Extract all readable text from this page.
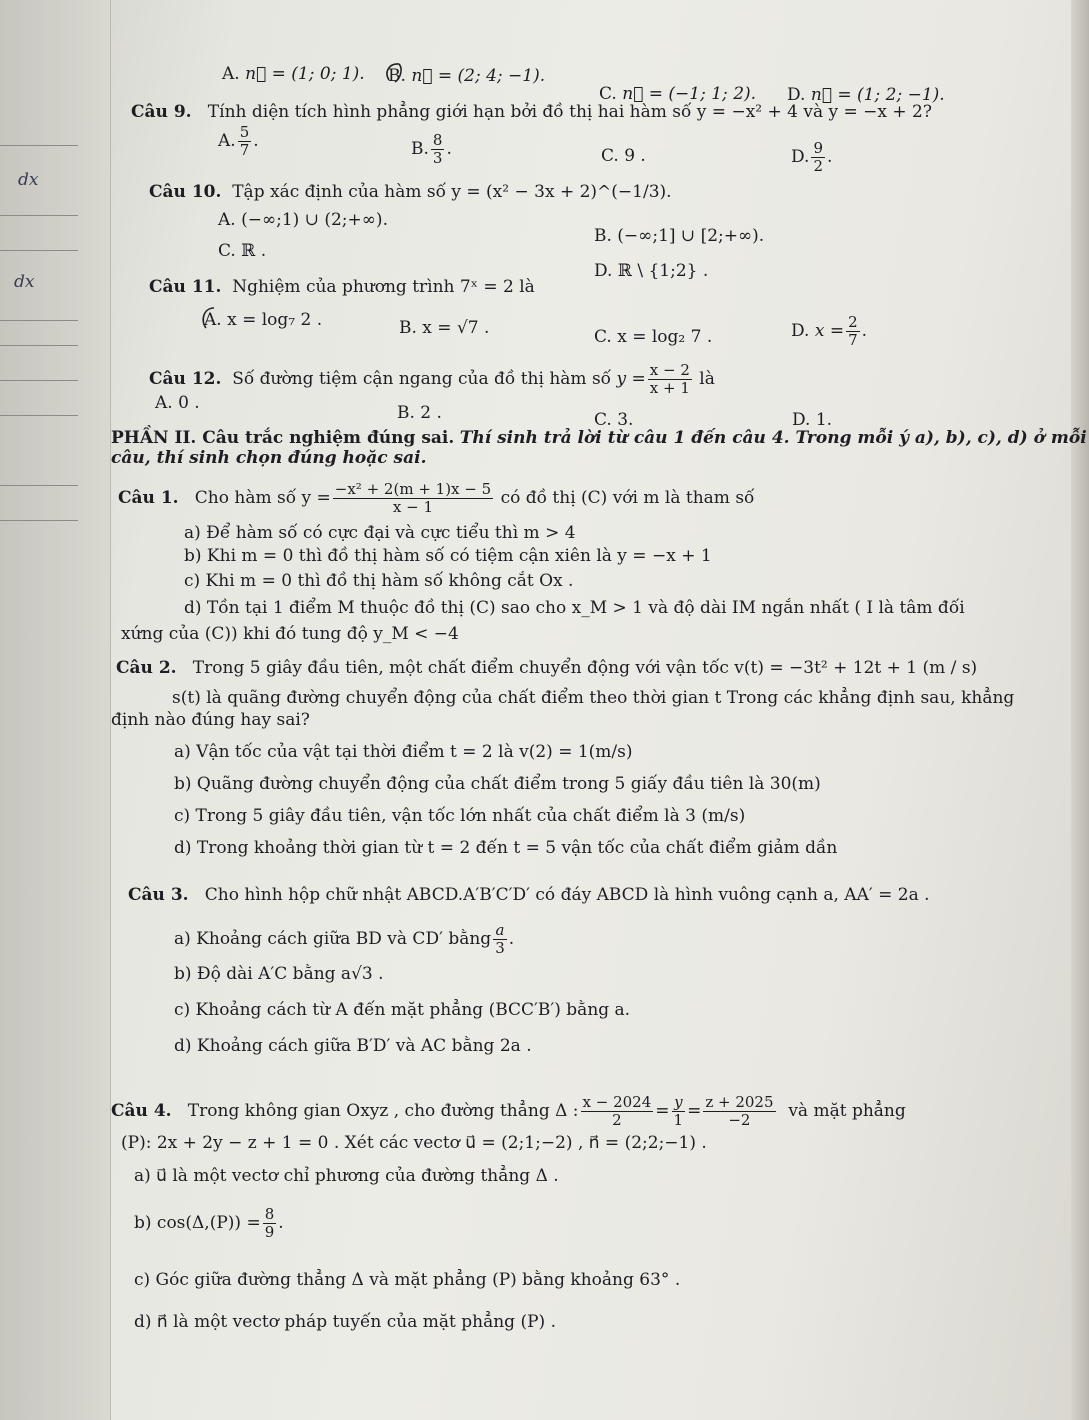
dx
dx
A. n⃗ = (1; 0; 1). B. n⃗ = (2; 4; −1).
C. n⃗ = (−1; 1; 2). D. n⃗ = (1; 2; −1).
Câu 9. Tính diện tích hình phẳng giới hạn bởi đồ thị hai hàm số y = −x² + 4 và y = −x + 2?
A. $\frac{5}{7}$ .	B. $\frac{8}{3}$ .	C. 9 .	D. $\frac{9}{2}$ .
Câu 10. Tập xác định của hàm số y = (x² − 3x + 2)^(−1/3).
A. (−∞;1) ∪ (2;+∞).
B. (−∞;1] ∪ [2;+∞).
C. ℝ .
D. ℝ \ {1;2} .
Câu 11. Nghiệm của phương trình 7ˣ = 2 là
A. x = log₇ 2 .	B. x = √7 .	C. x = log₂ 7 .	D. $x = \frac{2}{7}$ .
Câu 12. Số đường tiệm cận ngang của đồ thị hàm số $y = \frac{x - 2}{x + 1}$ là
A. 0 .	B. 2 .	C. 3.	D. 1.
PHẦN II. Câu trắc nghiệm đúng sai. Thí sinh trả lời từ câu 1 đến câu 4. Trong mỗi ý a), b), c), d) ở mỗi
câu, thí sinh chọn đúng hoặc sai.
Câu 1. Cho hàm số $y = \frac{\text{−x² + 2(m + 1)x − 5}}{x - 1}$ có đồ thị (C) với m là tham số
a) Để hàm số có cực đại và cực tiểu thì m > 4
b) Khi m = 0 thì đồ thị hàm số có tiệm cận xiên là y = −x + 1
c) Khi m = 0 thì đồ thị hàm số không cắt Ox .
d) Tồn tại 1 điểm M thuộc đồ thị (C) sao cho x_M > 1 và độ dài IM ngắn nhất ( I là tâm đối
xứng của (C)) khi đó tung độ y_M < −4
Câu 2. Trong 5 giây đầu tiên, một chất điểm chuyển động với vận tốc v(t) = −3t² + 12t + 1 (m / s)
s(t) là quãng đường chuyển động của chất điểm theo thời gian t Trong các khẳng định sau, khẳng
định nào đúng hay sai?
a) Vận tốc của vật tại thời điểm t = 2 là v(2) = 1(m/s)
b) Quãng đường chuyển động của chất điểm trong 5 giấy đầu tiên là 30(m)
c) Trong 5 giây đầu tiên, vận tốc lớn nhất của chất điểm là 3 (m/s)
d) Trong khoảng thời gian từ t = 2 đến t = 5 vận tốc của chất điểm giảm dần
Câu 3. Cho hình hộp chữ nhật ABCD.A′B′C′D′ có đáy ABCD là hình vuông cạnh a, AA′ = 2a .
a) Khoảng cách giữa BD và CD′ bằng $\frac{a}{3}$ .
b) Độ dài A′C bằng a√3 .
c) Khoảng cách từ A đến mặt phẳng (BCC′B′) bằng a.
d) Khoảng cách giữa B′D′ và AC bằng 2a .
Câu 4. Trong không gian Oxyz , cho đường thẳng Δ : $\frac{x - 2024}{2} = \frac{y}{1} = \frac{z + 2025}{-2}$ và mặt phẳng
(P): 2x + 2y − z + 1 = 0 . Xét các vectơ u⃗ = (2;1;−2) , n⃗ = (2;2;−1) .
a) u⃗ là một vectơ chỉ phương của đường thẳng Δ .
b) $\cos(\Delta,(P)) = \frac{8}{9}$ .
c) Góc giữa đường thẳng Δ và mặt phẳng (P) bằng khoảng 63° .
d) n⃗ là một vectơ pháp tuyến của mặt phẳng (P) .
